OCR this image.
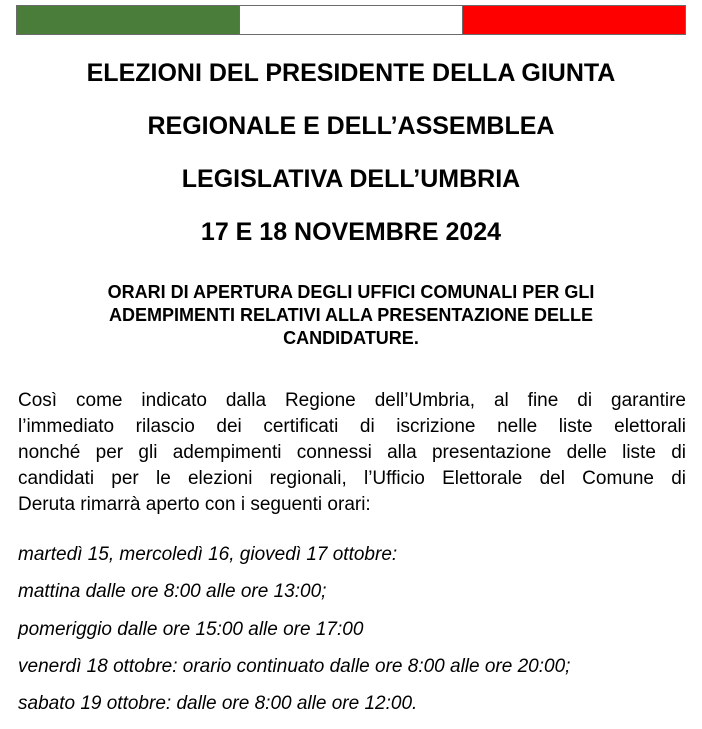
ELEZIONI DEL PRESIDENTE DELLA GIUNTA
REGIONALE E DELL’ASSEMBLEA
LEGISLATIVA DELL’UMBRIA
17 E 18 NOVEMBRE 2024
ORARI DI APERTURA DEGLI UFFICI COMUNALI PER GLI
ADEMPIMENTI RELATIVI ALLA PRESENTAZIONE DELLE
CANDIDATURE.
Così come indicato dalla Regione dell’Umbria, al fine di garantire
l’immediato rilascio dei certificati di iscrizione nelle liste elettorali
nonché per gli adempimenti connessi alla presentazione delle liste di
candidati per le elezioni regionali, l’Ufficio Elettorale del Comune di
Deruta rimarrà aperto con i seguenti orari:
martedì 15, mercoledì 16, giovedì 17 ottobre:
mattina dalle ore 8:00 alle ore 13:00;
pomeriggio dalle ore 15:00 alle ore 17:00
venerdì 18 ottobre: orario continuato dalle ore 8:00 alle ore 20:00;
sabato 19 ottobre: dalle ore 8:00 alle ore 12:00.
